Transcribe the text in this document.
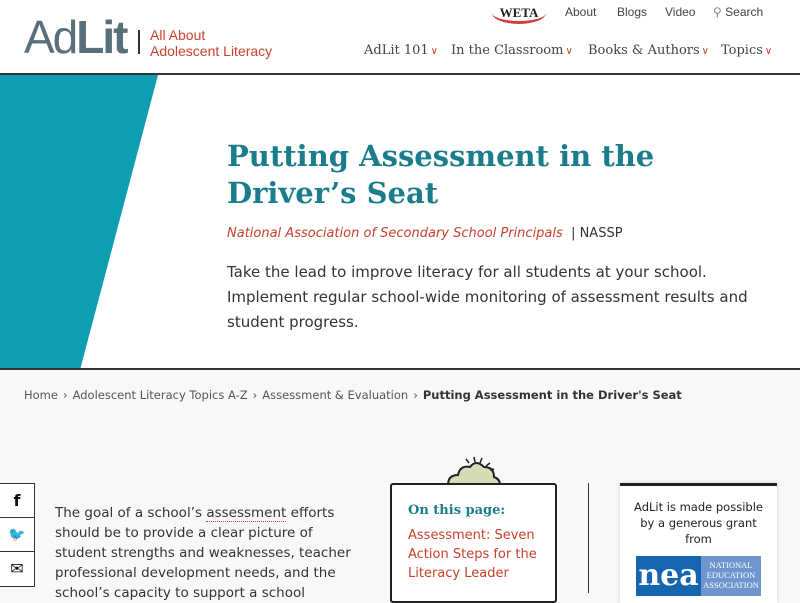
AdLit All About
Adolescent Literacy
WETA	About Blogs Video ⚲ Search
AdLit 101 ∨ In the Classroom ∨ Books & Authors ∨ Topics ∨
Putting Assessment in the Driver’s Seat
National Association of Secondary School Principals | NASSP

Take the lead to improve literacy for all students at your school. Implement regular school-wide monitoring of assessment results and student progress.

Home › Adolescent Literacy Topics A-Z › Assessment & Evaluation › Putting Assessment in the Driver's Seat
f
🐦
✉

The goal of a school’s assessment efforts should be to provide a clear picture of student strengths and weaknesses, teacher professional development needs, and the school’s capacity to support a school

On this page:
Assessment: Seven Action Steps for the Literacy Leader
AdLit is made possible by a generous grant from
nea	NATIONAL EDUCATION ASSOCIATION
